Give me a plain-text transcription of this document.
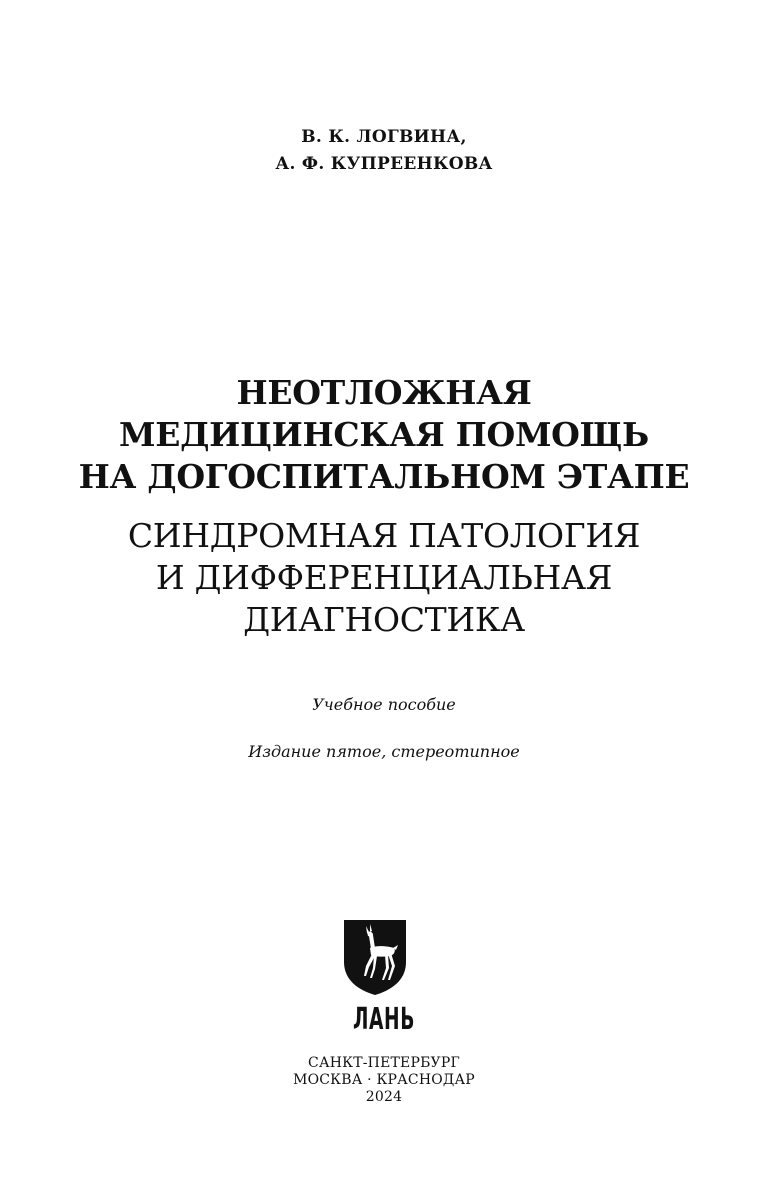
В. К. ЛОГВИНА,
А. Ф. КУПРЕЕНКОВА
НЕОТЛОЖНАЯ
МЕДИЦИНСКАЯ ПОМОЩЬ
НА ДОГОСПИТАЛЬНОМ ЭТАПЕ
СИНДРОМНАЯ ПАТОЛОГИЯ
И ДИФФЕРЕНЦИАЛЬНАЯ
ДИАГНОСТИКА
Учебное пособие
Издание пятое, стереотипное
ЛАНЬ
САНКТ-ПЕТЕРБУРГ
МОСКВА · КРАСНОДАР
2024
